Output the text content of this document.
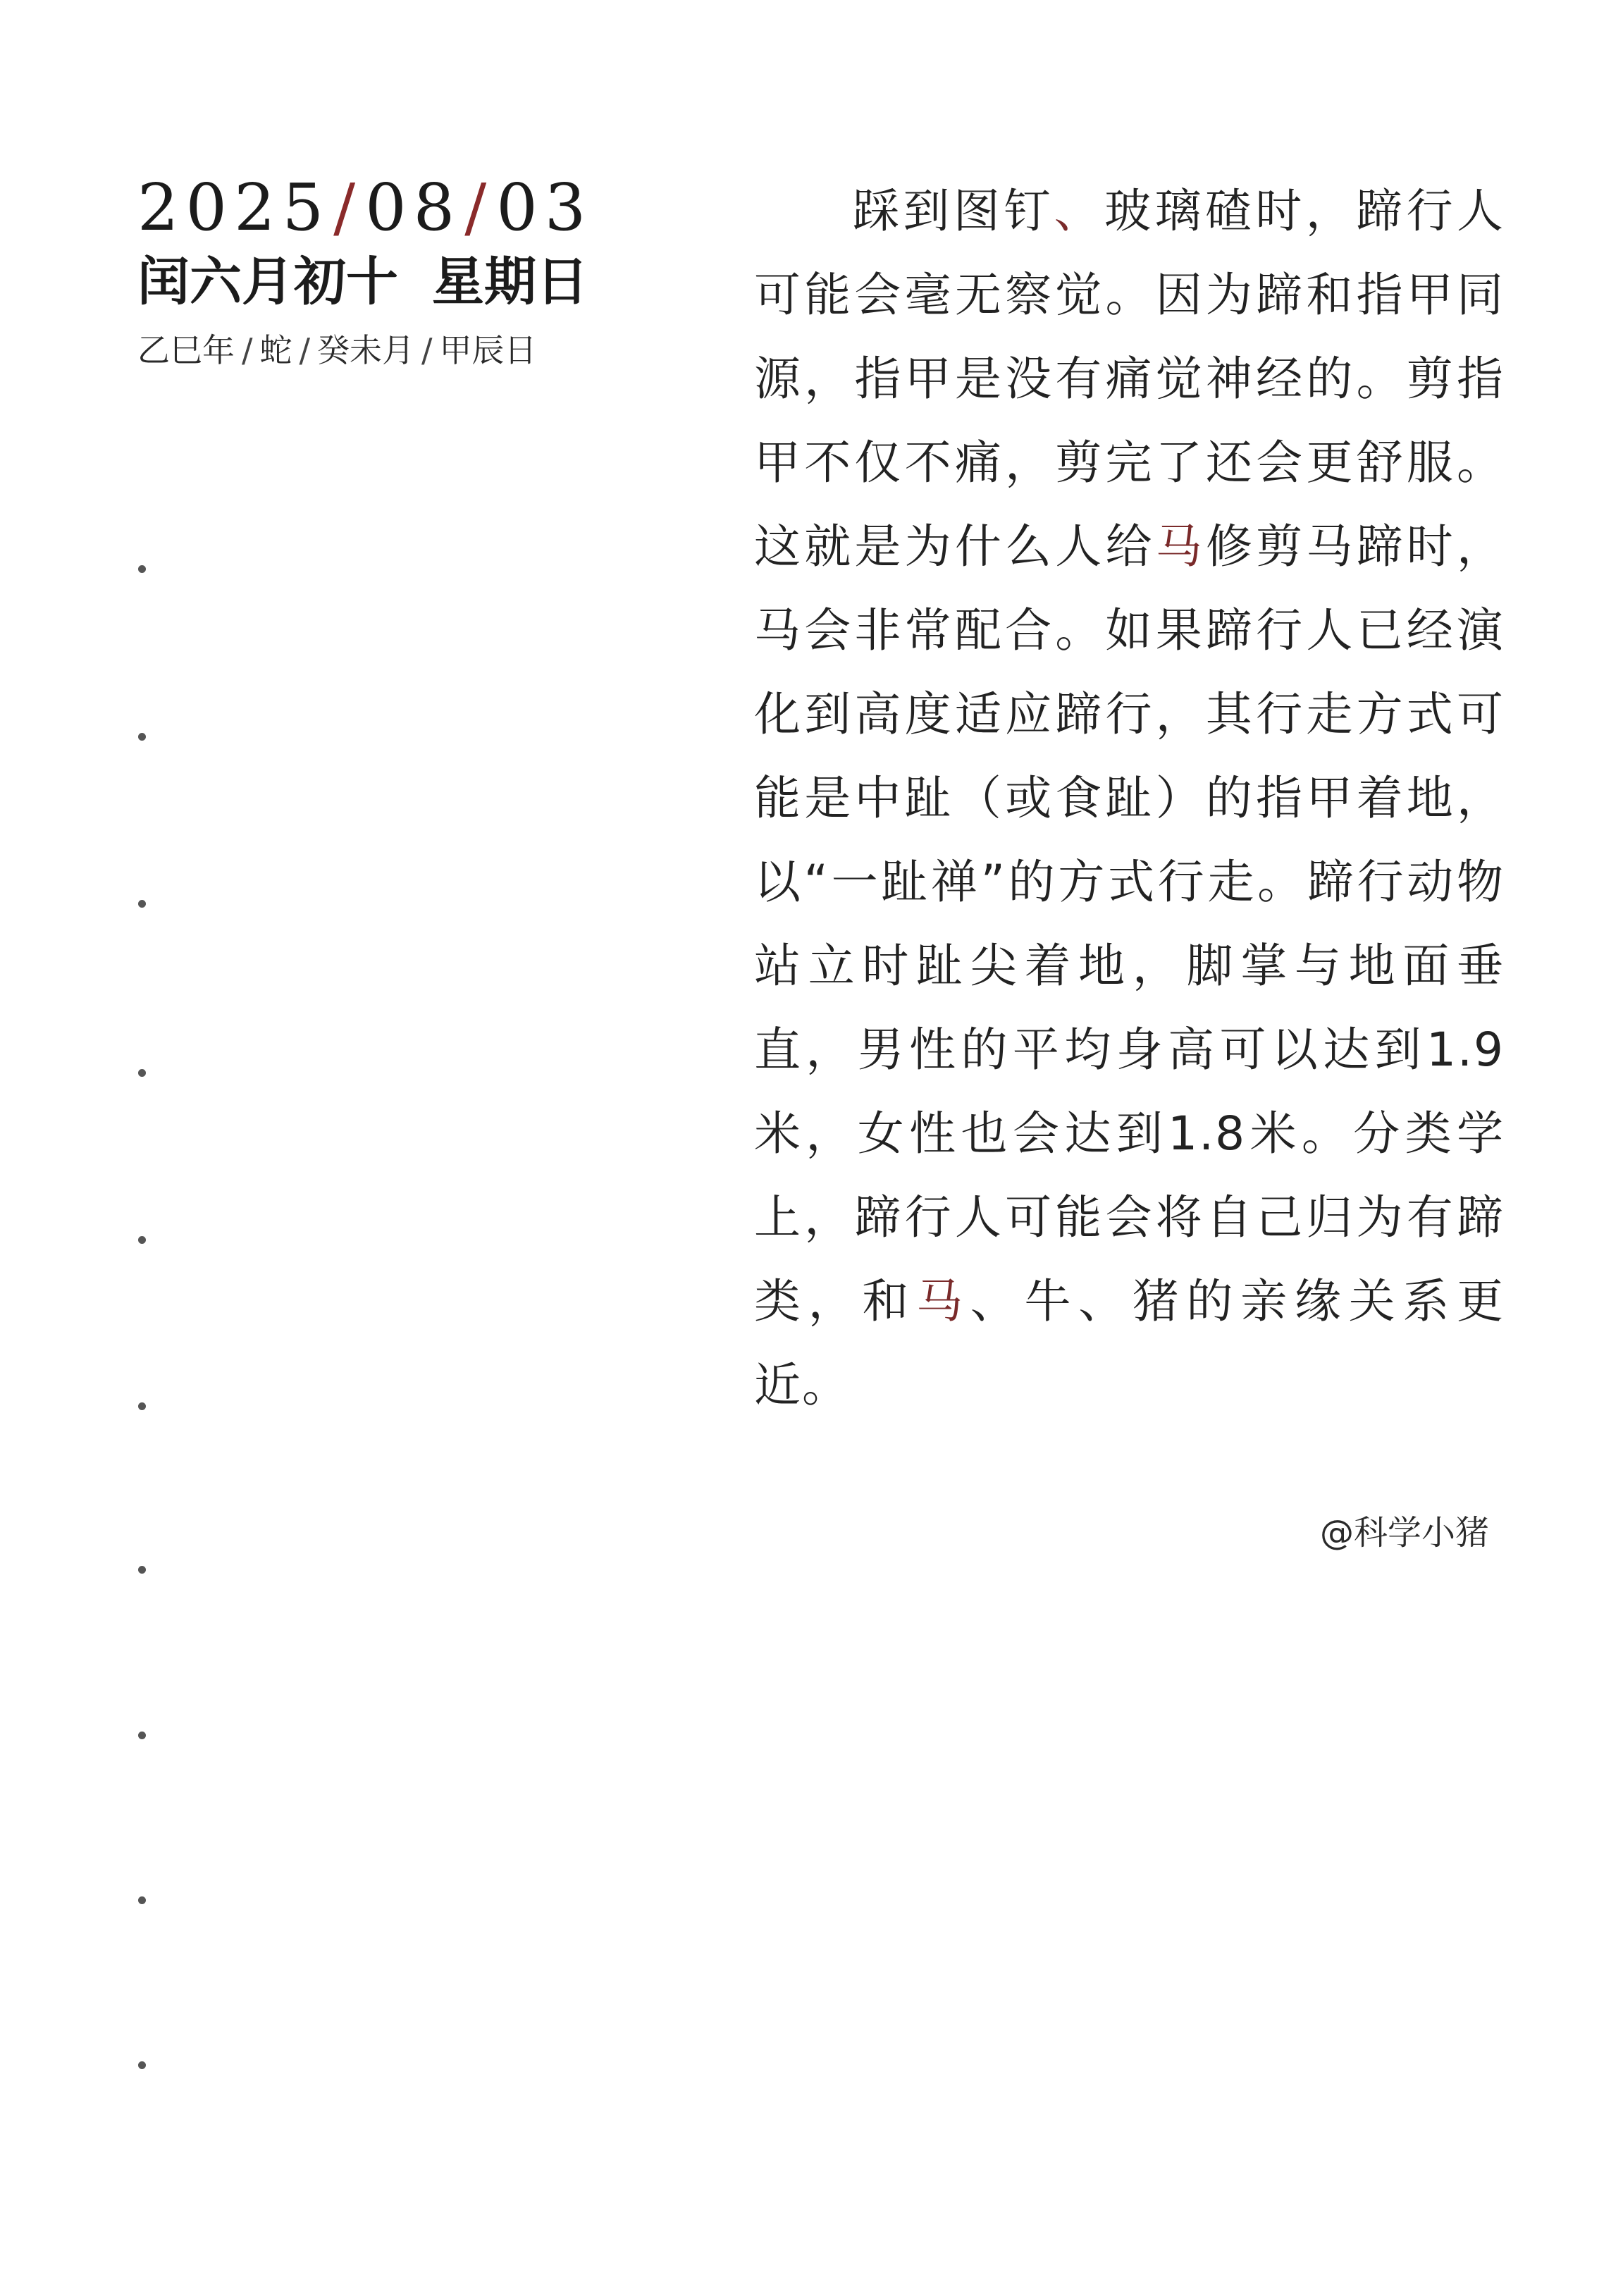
2025/08/03
闰六月初十 星期日
乙巳年 / 蛇 / 癸未月 / 甲辰日
踩到图钉、玻璃碴时，蹄行人可能会毫无察觉。因为蹄和指甲同源，指甲是没有痛觉神经的。剪指甲不仅不痛，剪完了还会更舒服。这就是为什么人给马修剪马蹄时，马会非常配合。如果蹄行人已经演化到高度适应蹄行，其行走方式可能是中趾（或食趾）的指甲着地，以“一趾禅”的方式行走。蹄行动物站立时趾尖着地，脚掌与地面垂直，男性的平均身高可以达到1.9米，女性也会达到1.8米。分类学上，蹄行人可能会将自己归为有蹄类，和马、牛、猪的亲缘关系更近。
@科学小猪
